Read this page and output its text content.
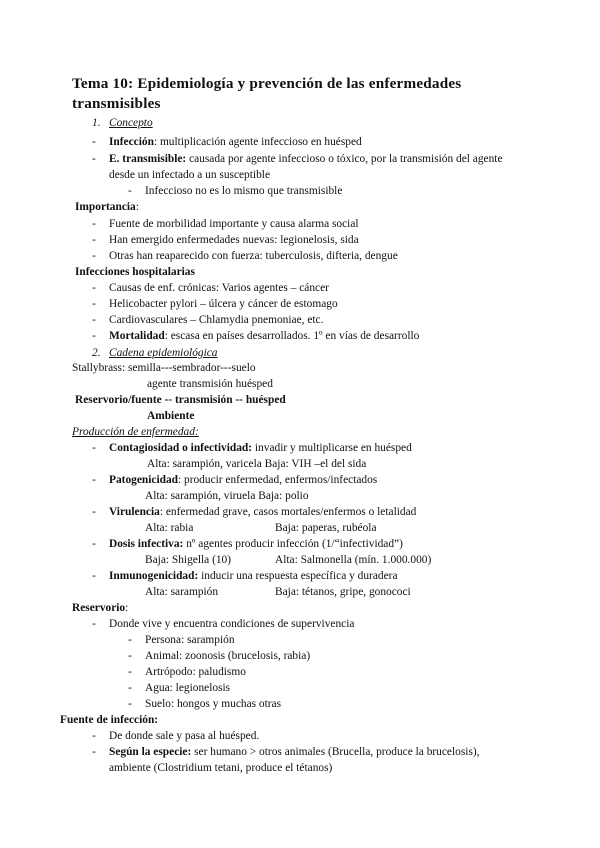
Tema 10: Epidemiología y prevención de las enfermedades transmisibles
1. Concepto
- Infección: multiplicación agente infeccioso en huésped
- E. transmisible: causada por agente infeccioso o tóxico, por la transmisión del agente
desde un infectado a un susceptible
- Infeccioso no es lo mismo que transmisible
Importancia:
- Fuente de morbilidad importante y causa alarma social
- Han emergido enfermedades nuevas: legionelosis, sida
- Otras han reaparecido con fuerza: tuberculosis, difteria, dengue
Infecciones hospitalarias
- Causas de enf. crónicas: Varios agentes – cáncer
- Helicobacter pylori – úlcera y cáncer de estomago
- Cardiovasculares – Chlamydia pnemoniae, etc.
- Mortalidad: escasa en países desarrollados. 1º en vías de desarrollo
2. Cadena epidemiológica
Stallybrass: semilla---sembrador---suelo
agente transmisión huésped
Reservorio/fuente -- transmisión -- huésped
Ambiente
Producción de enfermedad:
- Contagiosidad o infectividad: invadir y multiplicarse en huésped
Alta: sarampión, varicela Baja: VIH –el del sida
- Patogenicidad: producir enfermedad, enfermos/infectados
Alta: sarampión, viruela Baja: polio
- Virulencia: enfermedad grave, casos mortales/enfermos o letalidad
Alta: rabia	Baja: paperas, rubéola
- Dosis infectiva: nº agentes producir infección (1/“infectividad”)
Baja: Shigella (10)	Alta: Salmonella (mín. 1.000.000)
- Inmunogenicidad: inducir una respuesta específica y duradera
Alta: sarampión	Baja: tétanos, gripe, gonococi
Reservorio:
- Donde vive y encuentra condiciones de supervivencia
- Persona: sarampión
- Animal: zoonosis (brucelosis, rabia)
- Artrópodo: paludismo
- Agua: legionelosis
- Suelo: hongos y muchas otras
Fuente de infección:
- De donde sale y pasa al huésped.
- Según la especie: ser humano > otros animales (Brucella, produce la brucelosis),
ambiente (Clostridium tetani, produce el tétanos)
